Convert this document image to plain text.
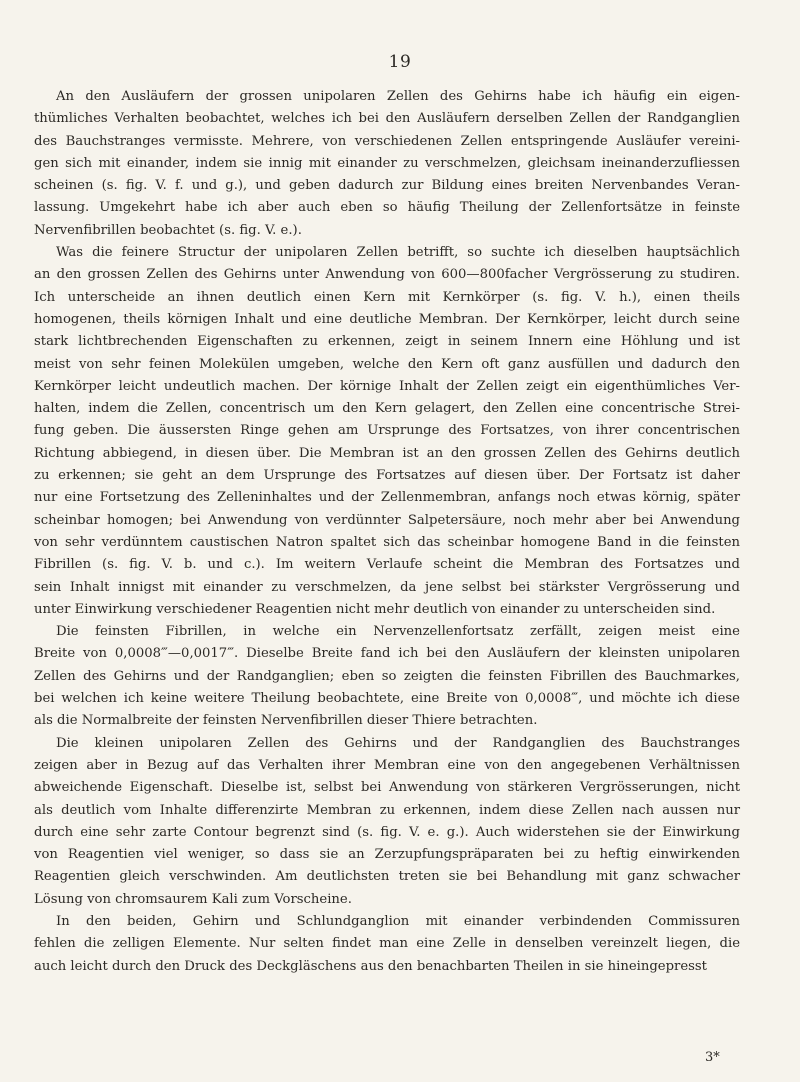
19
An den Ausläufern der grossen unipolaren Zellen des Gehirns habe ich häufig ein eigen-
thümliches Verhalten beobachtet, welches ich bei den Ausläufern derselben Zellen der Randganglien
des Bauchstranges vermisste. Mehrere, von verschiedenen Zellen entspringende Ausläufer vereini-
gen sich mit einander, indem sie innig mit einander zu verschmelzen, gleichsam ineinanderzufliessen
scheinen (s. fig. V. f. und g.), und geben dadurch zur Bildung eines breiten Nervenbandes Veran-
lassung. Umgekehrt habe ich aber auch eben so häufig Theilung der Zellenfortsätze in feinste
Nervenfibrillen beobachtet (s. fig. V. e.).
Was die feinere Structur der unipolaren Zellen betrifft, so suchte ich dieselben hauptsächlich
an den grossen Zellen des Gehirns unter Anwendung von 600—800facher Vergrösserung zu studiren.
Ich unterscheide an ihnen deutlich einen Kern mit Kernkörper (s. fig. V. h.), einen theils
homogenen, theils körnigen Inhalt und eine deutliche Membran. Der Kernkörper, leicht durch seine
stark lichtbrechenden Eigenschaften zu erkennen, zeigt in seinem Innern eine Höhlung und ist
meist von sehr feinen Molekülen umgeben, welche den Kern oft ganz ausfüllen und dadurch den
Kernkörper leicht undeutlich machen. Der körnige Inhalt der Zellen zeigt ein eigenthümliches Ver-
halten, indem die Zellen, concentrisch um den Kern gelagert, den Zellen eine concentrische Strei-
fung geben. Die äussersten Ringe gehen am Ursprunge des Fortsatzes, von ihrer concentrischen
Richtung abbiegend, in diesen über. Die Membran ist an den grossen Zellen des Gehirns deutlich
zu erkennen; sie geht an dem Ursprunge des Fortsatzes auf diesen über. Der Fortsatz ist daher
nur eine Fortsetzung des Zelleninhaltes und der Zellenmembran, anfangs noch etwas körnig, später
scheinbar homogen; bei Anwendung von verdünnter Salpetersäure, noch mehr aber bei Anwendung
von sehr verdünntem caustischen Natron spaltet sich das scheinbar homogene Band in die feinsten
Fibrillen (s. fig. V. b. und c.). Im weitern Verlaufe scheint die Membran des Fortsatzes und
sein Inhalt innigst mit einander zu verschmelzen, da jene selbst bei stärkster Vergrösserung und
unter Einwirkung verschiedener Reagentien nicht mehr deutlich von einander zu unterscheiden sind.
Die feinsten Fibrillen, in welche ein Nervenzellenfortsatz zerfällt, zeigen meist eine
Breite von 0,0008‴—0,0017‴. Dieselbe Breite fand ich bei den Ausläufern der kleinsten unipolaren
Zellen des Gehirns und der Randganglien; eben so zeigten die feinsten Fibrillen des Bauchmarkes,
bei welchen ich keine weitere Theilung beobachtete, eine Breite von 0,0008‴, und möchte ich diese
als die Normalbreite der feinsten Nervenfibrillen dieser Thiere betrachten.
Die kleinen unipolaren Zellen des Gehirns und der Randganglien des Bauchstranges
zeigen aber in Bezug auf das Verhalten ihrer Membran eine von den angegebenen Verhältnissen
abweichende Eigenschaft. Dieselbe ist, selbst bei Anwendung von stärkeren Vergrösserungen, nicht
als deutlich vom Inhalte differenzirte Membran zu erkennen, indem diese Zellen nach aussen nur
durch eine sehr zarte Contour begrenzt sind (s. fig. V. e. g.). Auch widerstehen sie der Einwirkung
von Reagentien viel weniger, so dass sie an Zerzupfungspräparaten bei zu heftig einwirkenden
Reagentien gleich verschwinden. Am deutlichsten treten sie bei Behandlung mit ganz schwacher
Lösung von chromsaurem Kali zum Vorscheine.
In den beiden, Gehirn und Schlundganglion mit einander verbindenden Commissuren
fehlen die zelligen Elemente. Nur selten findet man eine Zelle in denselben vereinzelt liegen, die
auch leicht durch den Druck des Deckgläschens aus den benachbarten Theilen in sie hineingepresst
3*
